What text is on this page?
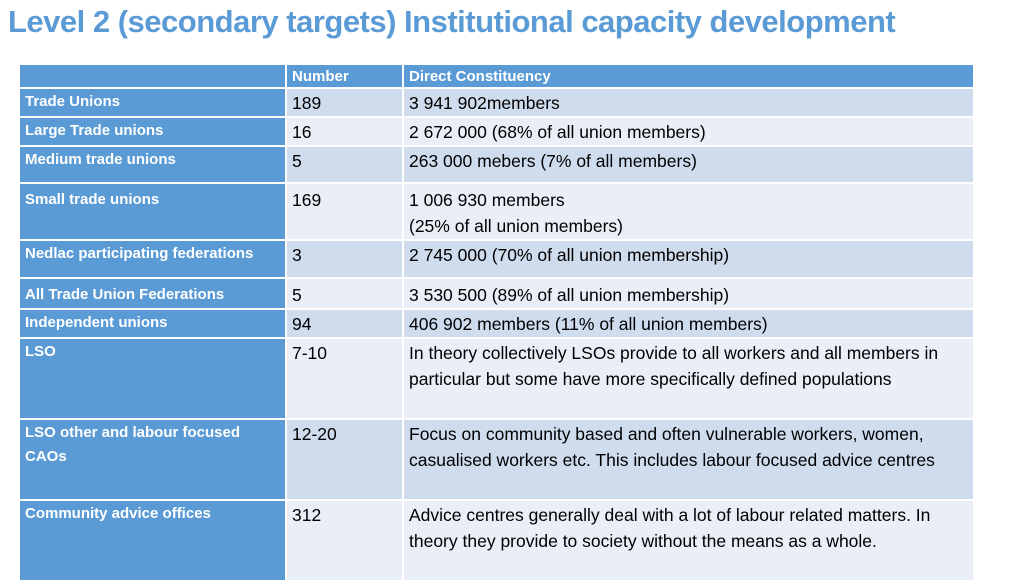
Level 2 (secondary targets) Institutional capacity development
	Number	Direct Constituency
Trade Unions	189	3 941 902members
Large Trade unions	16	2 672 000 (68% of all union members)
Medium trade unions	5	263 000 mebers (7% of all members)
Small trade unions	169	1 006 930 members
(25% of all union members)
Nedlac participating federations	3	2 745 000 (70% of all union membership)
All Trade Union Federations	5	3 530 500 (89% of all union membership)
Independent unions	94	406 902 members (11% of all union members)
LSO	7-10	In theory collectively LSOs provide to all workers and all members in particular but some have more specifically defined populations
LSO other and labour focused CAOs	12-20	Focus on community based and often vulnerable workers, women, casualised workers etc. This includes labour focused advice centres
Community advice offices	312	Advice centres generally deal with a lot of labour related matters. In theory they provide to society without the means as a whole.
